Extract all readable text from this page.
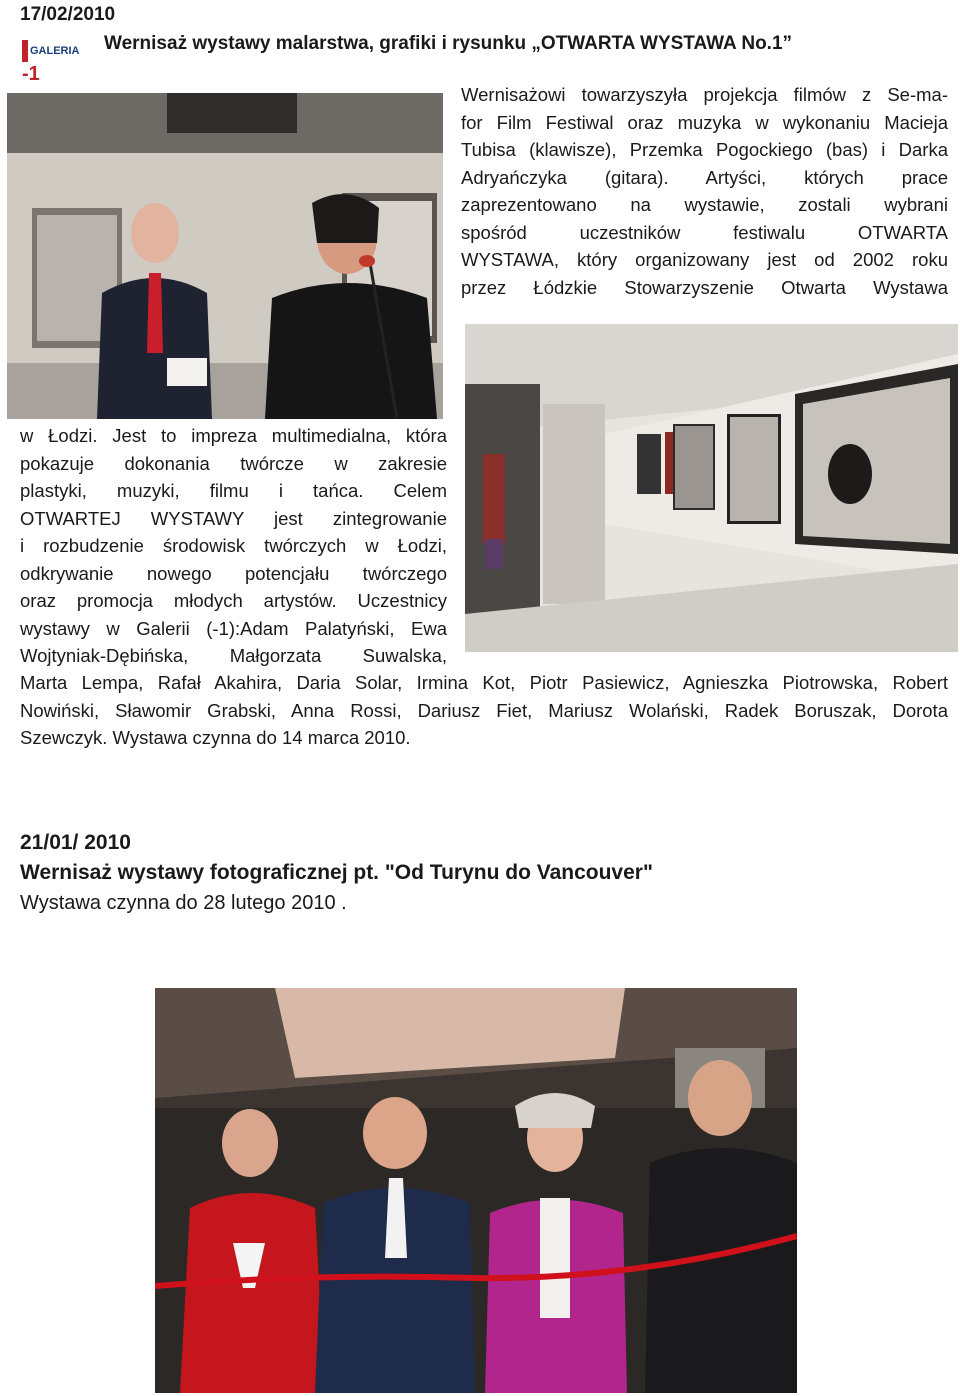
17/02/2010
GALERIA
-1
Wernisaż wystawy malarstwa, grafiki i rysunku „OTWARTA WYSTAWA No.1”
Wernisażowi towarzyszyła projekcja filmów z Se-ma-
for Film Festiwal oraz muzyka w wykonaniu Macieja
Tubisa (klawisze), Przemka Pogockiego (bas) i Darka
Adryańczyka (gitara). Artyści, których prace
zaprezentowano na wystawie, zostali wybrani
spośród uczestników festiwalu OTWARTA
WYSTAWA, który organizowany jest od 2002 roku
przez Łódzkie Stowarzyszenie Otwarta Wystawa
w Łodzi. Jest to impreza multimedialna, która
pokazuje dokonania twórcze w zakresie
plastyki, muzyki, filmu i tańca. Celem
OTWARTEJ WYSTAWY jest zintegrowanie
i rozbudzenie środowisk twórczych w Łodzi,
odkrywanie nowego potencjału twórczego
oraz promocja młodych artystów. Uczestnicy
wystawy w Galerii (-1):Adam Palatyński, Ewa
Wojtyniak-Dębińska, Małgorzata Suwalska,
Marta Lempa, Rafał Akahira, Daria Solar, Irmina Kot, Piotr Pasiewicz, Agnieszka Piotrowska, Robert
Nowiński, Sławomir Grabski, Anna Rossi, Dariusz Fiet, Mariusz Wolański, Radek Boruszak, Dorota
Szewczyk. Wystawa czynna do 14 marca 2010.
21/01/ 2010
Wernisaż wystawy fotograficznej pt. "Od Turynu do Vancouver"
Wystawa czynna do 28 lutego 2010 .
